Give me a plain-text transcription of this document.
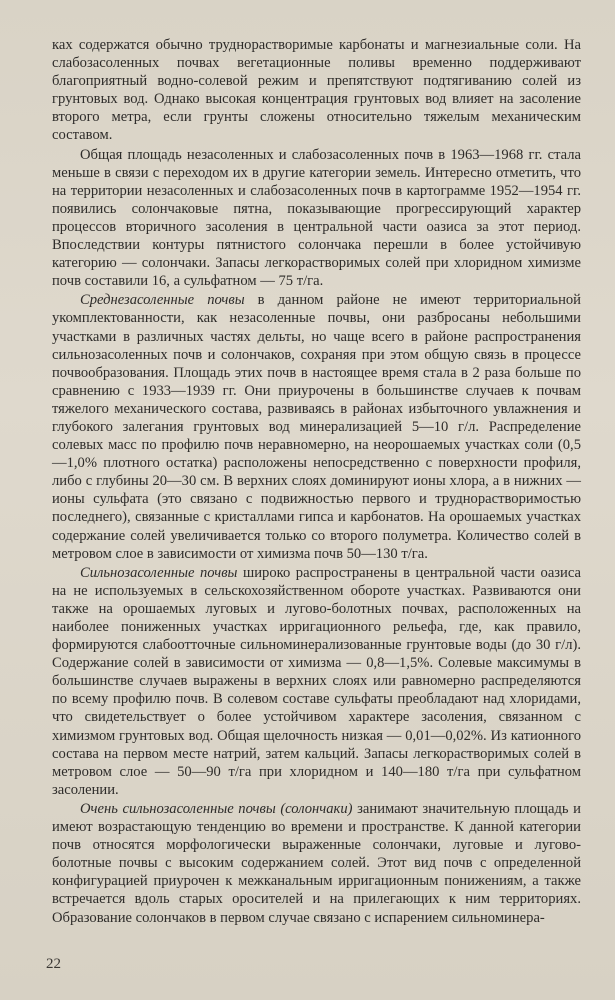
ках содержатся обычно труднорастворимые карбонаты и магнезиальные соли. На слабозасоленных почвах вегетационные поливы временно поддерживают благоприятный водно-солевой режим и препятствуют подтягиванию солей из грунтовых вод. Однако высокая концентрация грунтовых вод влияет на засоление второго метра, если грунты сложены относительно тяжелым механическим составом.

Общая площадь незасоленных и слабозасоленных почв в 1963—1968 гг. стала меньше в связи с переходом их в другие категории земель. Интересно отметить, что на территории незасоленных и слабозасоленных почв в картограмме 1952—1954 гг. появились солончаковые пятна, показывающие прогрессирующий характер процессов вторичного засоления в центральной части оазиса за этот период. Впоследствии контуры пятнистого солончака перешли в более устойчивую категорию — солончаки. Запасы легкорастворимых солей при хлоридном химизме почв составили 16, а сульфатном — 75 т/га.

Среднезасоленные почвы в данном районе не имеют территориальной укомплектованности, как незасоленные почвы, они разбросаны небольшими участками в различных частях дельты, но чаще всего в районе распространения сильнозасоленных почв и солончаков, сохраняя при этом общую связь в процессе почвообразования. Площадь этих почв в настоящее время стала в 2 раза больше по сравнению с 1933—1939 гг. Они приурочены в большинстве случаев к почвам тяжелого механического состава, развиваясь в районах избыточного увлажнения и глубокого залегания грунтовых вод минерализацией 5—10 г/л. Распределение солевых масс по профилю почв неравномерно, на неорошаемых участках соли (0,5—1,0% плотного остатка) расположены непосредственно с поверхности профиля, либо с глубины 20—30 см. В верхних слоях доминируют ионы хлора, а в нижних — ионы сульфата (это связано с подвижностью первого и труднорастворимостью последнего), связанные с кристаллами гипса и карбонатов. На орошаемых участках содержание солей увеличивается только со второго полуметра. Количество солей в метровом слое в зависимости от химизма почв 50—130 т/га.

Сильнозасоленные почвы широко распространены в центральной части оазиса на не используемых в сельскохозяйственном обороте участках. Развиваются они также на орошаемых луговых и лугово-болотных почвах, расположенных на наиболее пониженных участках ирригационного рельефа, где, как правило, формируются слабоотточные сильноминерализованные грунтовые воды (до 30 г/л). Содержание солей в зависимости от химизма — 0,8—1,5%. Солевые максимумы в большинстве случаев выражены в верхних слоях или равномерно распределяются по всему профилю почв. В солевом составе сульфаты преобладают над хлоридами, что свидетельствует о более устойчивом характере засоления, связанном с химизмом грунтовых вод. Общая щелочность низкая — 0,01—0,02%. Из катионного состава на первом месте натрий, затем кальций. Запасы легкорастворимых солей в метровом слое — 50—90 т/га при хлоридном и 140—180 т/га при сульфатном засолении.

Очень сильнозасоленные почвы (солончаки) занимают значительную площадь и имеют возрастающую тенденцию во времени и пространстве. К данной категории почв относятся морфологически выраженные солончаки, луговые и лугово-болотные почвы с высоким содержанием солей. Этот вид почв с определенной конфигурацией приурочен к межканальным ирригационным понижениям, а также встречается вдоль старых оросителей и на прилегающих к ним территориях. Образование солончаков в первом случае связано с испарением сильноминера-

22
